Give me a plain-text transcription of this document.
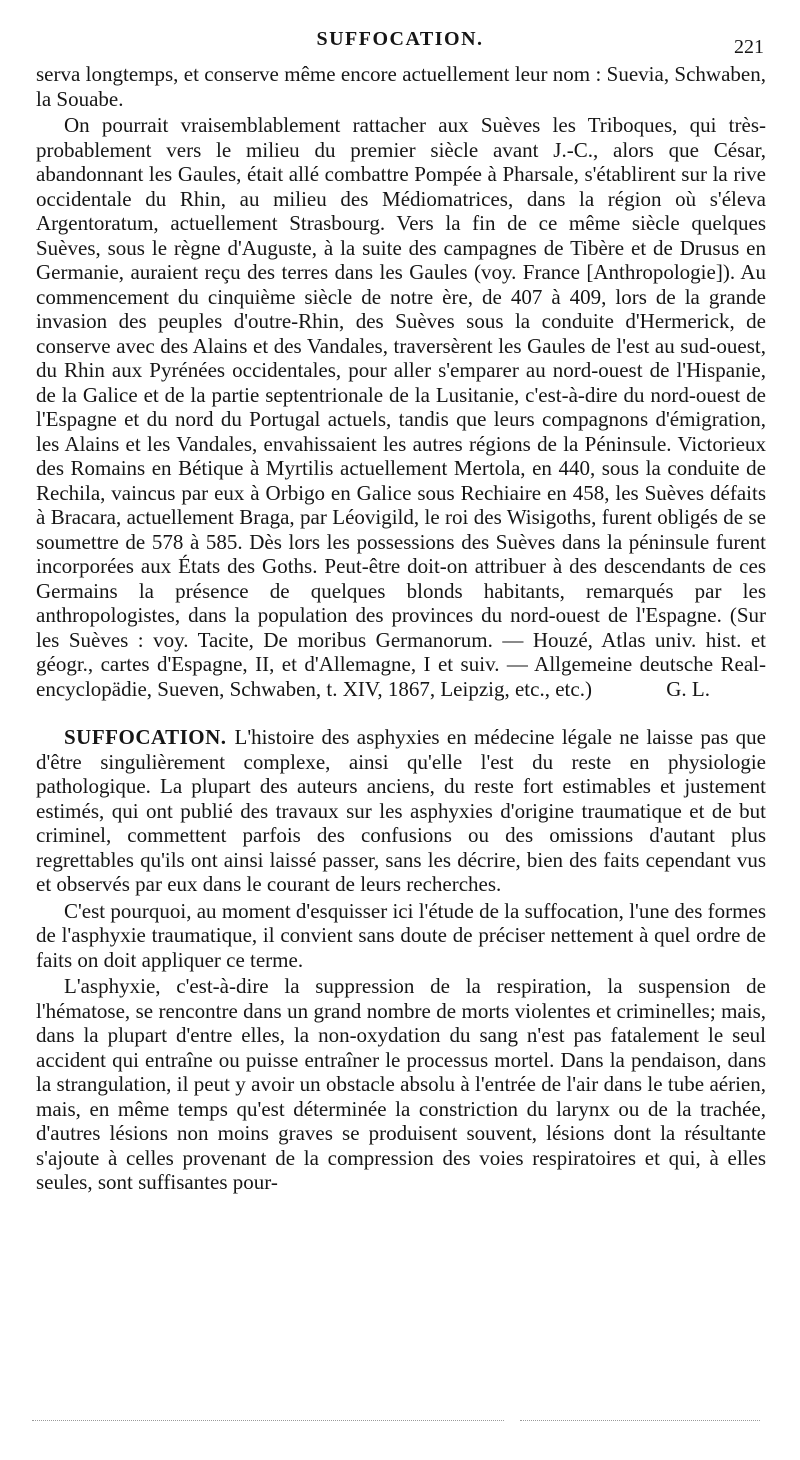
SUFFOCATION.	221

serva longtemps, et conserve même encore actuellement leur nom : Suevia, Schwaben, la Souabe.

On pourrait vraisemblablement rattacher aux Suèves les Triboques, qui très-probablement vers le milieu du premier siècle avant J.-C., alors que César, abandonnant les Gaules, était allé combattre Pompée à Pharsale, s'établirent sur la rive occidentale du Rhin, au milieu des Médiomatrices, dans la région où s'éleva Argentoratum, actuellement Strasbourg. Vers la fin de ce même siècle quelques Suèves, sous le règne d'Auguste, à la suite des campagnes de Tibère et de Drusus en Germanie, auraient reçu des terres dans les Gaules (voy. France [Anthropologie]). Au commencement du cinquième siècle de notre ère, de 407 à 409, lors de la grande invasion des peuples d'outre-Rhin, des Suèves sous la conduite d'Hermerick, de conserve avec des Alains et des Vandales, traversèrent les Gaules de l'est au sud-ouest, du Rhin aux Pyrénées occidentales, pour aller s'emparer au nord-ouest de l'Hispanie, de la Galice et de la partie septentrionale de la Lusitanie, c'est-à-dire du nord-ouest de l'Espagne et du nord du Portugal actuels, tandis que leurs compagnons d'émigration, les Alains et les Vandales, envahissaient les autres régions de la Péninsule. Victorieux des Romains en Bétique à Myrtilis actuellement Mertola, en 440, sous la conduite de Rechila, vaincus par eux à Orbigo en Galice sous Rechiaire en 458, les Suèves défaits à Bracara, actuellement Braga, par Léovigild, le roi des Wisigoths, furent obligés de se soumettre de 578 à 585. Dès lors les possessions des Suèves dans la péninsule furent incorporées aux États des Goths. Peut-être doit-on attribuer à des descendants de ces Germains la présence de quelques blonds habitants, remarqués par les anthropologistes, dans la population des provinces du nord-ouest de l'Espagne. (Sur les Suèves : voy. Tacite, De moribus Germanorum. — Houzé, Atlas univ. hist. et géogr., cartes d'Espagne, II, et d'Allemagne, I et suiv. — Allgemeine deutsche Real-encyclopädie, Sueven, Schwaben, t. XIV, 1867, Leipzig, etc., etc.)	G. L.

SUFFOCATION. L'histoire des asphyxies en médecine légale ne laisse pas que d'être singulièrement complexe, ainsi qu'elle l'est du reste en physiologie pathologique. La plupart des auteurs anciens, du reste fort estimables et justement estimés, qui ont publié des travaux sur les asphyxies d'origine traumatique et de but criminel, commettent parfois des confusions ou des omissions d'autant plus regrettables qu'ils ont ainsi laissé passer, sans les décrire, bien des faits cependant vus et observés par eux dans le courant de leurs recherches.

C'est pourquoi, au moment d'esquisser ici l'étude de la suffocation, l'une des formes de l'asphyxie traumatique, il convient sans doute de préciser nettement à quel ordre de faits on doit appliquer ce terme.

L'asphyxie, c'est-à-dire la suppression de la respiration, la suspension de l'hématose, se rencontre dans un grand nombre de morts violentes et criminelles; mais, dans la plupart d'entre elles, la non-oxydation du sang n'est pas fatalement le seul accident qui entraîne ou puisse entraîner le processus mortel. Dans la pendaison, dans la strangulation, il peut y avoir un obstacle absolu à l'entrée de l'air dans le tube aérien, mais, en même temps qu'est déterminée la constriction du larynx ou de la trachée, d'autres lésions non moins graves se produisent souvent, lésions dont la résultante s'ajoute à celles provenant de la compression des voies respiratoires et qui, à elles seules, sont suffisantes pour-
